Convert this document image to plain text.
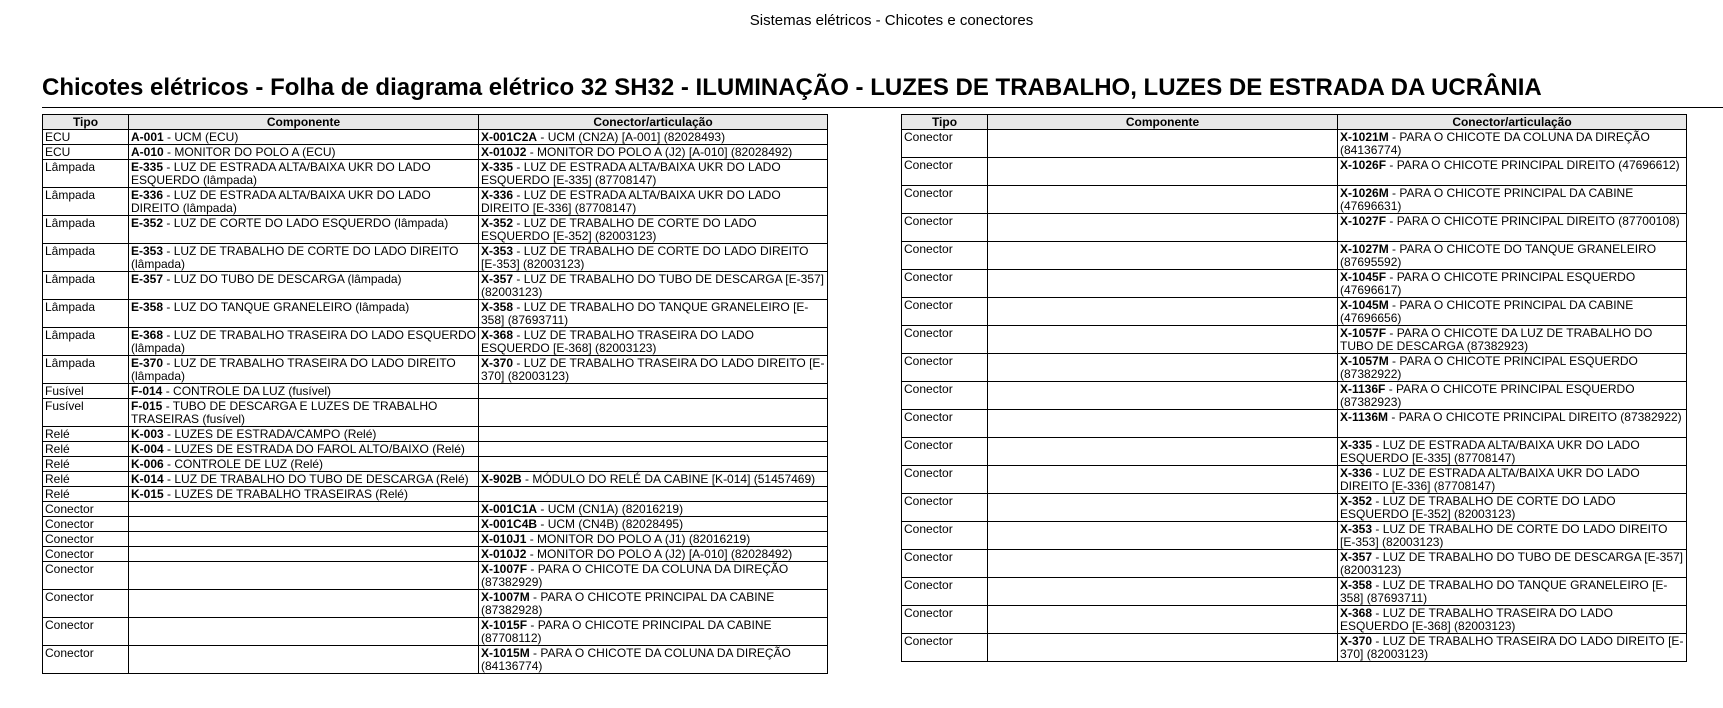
Sistemas elétricos - Chicotes e conectores
Chicotes elétricos - Folha de diagrama elétrico 32 SH32 - ILUMINAÇÃO - LUZES DE TRABALHO, LUZES DE ESTRADA DA UCRÂNIA
Tipo	Componente	Conector/articulação
ECU	A-001 - UCM (ECU)	X-001C2A - UCM (CN2A) [A-001] (82028493)
ECU	A-010 - MONITOR DO POLO A (ECU)	X-010J2 - MONITOR DO POLO A (J2) [A-010] (82028492)
Lâmpada	E-335 - LUZ DE ESTRADA ALTA/BAIXA UKR DO LADO ESQUERDO (lâmpada)	X-335 - LUZ DE ESTRADA ALTA/BAIXA UKR DO LADO ESQUERDO [E-335] (87708147)
Lâmpada	E-336 - LUZ DE ESTRADA ALTA/BAIXA UKR DO LADO DIREITO (lâmpada)	X-336 - LUZ DE ESTRADA ALTA/BAIXA UKR DO LADO DIREITO [E-336] (87708147)
Lâmpada	E-352 - LUZ DE CORTE DO LADO ESQUERDO (lâmpada)	X-352 - LUZ DE TRABALHO DE CORTE DO LADO ESQUERDO [E-352] (82003123)
Lâmpada	E-353 - LUZ DE TRABALHO DE CORTE DO LADO DIREITO (lâmpada)	X-353 - LUZ DE TRABALHO DE CORTE DO LADO DIREITO [E-353] (82003123)
Lâmpada	E-357 - LUZ DO TUBO DE DESCARGA (lâmpada)	X-357 - LUZ DE TRABALHO DO TUBO DE DESCARGA [E-357] (82003123)
Lâmpada	E-358 - LUZ DO TANQUE GRANELEIRO (lâmpada)	X-358 - LUZ DE TRABALHO DO TANQUE GRANELEIRO [E-358] (87693711)
Lâmpada	E-368 - LUZ DE TRABALHO TRASEIRA DO LADO ESQUERDO (lâmpada)	X-368 - LUZ DE TRABALHO TRASEIRA DO LADO ESQUERDO [E-368] (82003123)
Lâmpada	E-370 - LUZ DE TRABALHO TRASEIRA DO LADO DIREITO (lâmpada)	X-370 - LUZ DE TRABALHO TRASEIRA DO LADO DIREITO [E-370] (82003123)
Fusível	F-014 - CONTROLE DA LUZ (fusível)	
Fusível	F-015 - TUBO DE DESCARGA E LUZES DE TRABALHO TRASEIRAS (fusível)	
Relé	K-003 - LUZES DE ESTRADA/CAMPO (Relé)	
Relé	K-004 - LUZES DE ESTRADA DO FAROL ALTO/BAIXO (Relé)	
Relé	K-006 - CONTROLE DE LUZ (Relé)	
Relé	K-014 - LUZ DE TRABALHO DO TUBO DE DESCARGA (Relé)	X-902B - MÓDULO DO RELÉ DA CABINE [K-014] (51457469)
Relé	K-015 - LUZES DE TRABALHO TRASEIRAS (Relé)	
Conector		X-001C1A - UCM (CN1A) (82016219)
Conector		X-001C4B - UCM (CN4B) (82028495)
Conector		X-010J1 - MONITOR DO POLO A (J1) (82016219)
Conector		X-010J2 - MONITOR DO POLO A (J2) [A-010] (82028492)
Conector		X-1007F - PARA O CHICOTE DA COLUNA DA DIREÇÃO (87382929)
Conector		X-1007M - PARA O CHICOTE PRINCIPAL DA CABINE (87382928)
Conector		X-1015F - PARA O CHICOTE PRINCIPAL DA CABINE (87708112)
Conector		X-1015M - PARA O CHICOTE DA COLUNA DA DIREÇÃO (84136774)
Tipo	Componente	Conector/articulação
Conector		X-1021M - PARA O CHICOTE DA COLUNA DA DIREÇÃO (84136774)
Conector		X-1026F - PARA O CHICOTE PRINCIPAL DIREITO (47696612)
Conector		X-1026M - PARA O CHICOTE PRINCIPAL DA CABINE (47696631)
Conector		X-1027F - PARA O CHICOTE PRINCIPAL DIREITO (87700108)
Conector		X-1027M - PARA O CHICOTE DO TANQUE GRANELEIRO (87695592)
Conector		X-1045F - PARA O CHICOTE PRINCIPAL ESQUERDO (47696617)
Conector		X-1045M - PARA O CHICOTE PRINCIPAL DA CABINE (47696656)
Conector		X-1057F - PARA O CHICOTE DA LUZ DE TRABALHO DO TUBO DE DESCARGA (87382923)
Conector		X-1057M - PARA O CHICOTE PRINCIPAL ESQUERDO (87382922)
Conector		X-1136F - PARA O CHICOTE PRINCIPAL ESQUERDO (87382923)
Conector		X-1136M - PARA O CHICOTE PRINCIPAL DIREITO (87382922)
Conector		X-335 - LUZ DE ESTRADA ALTA/BAIXA UKR DO LADO ESQUERDO [E-335] (87708147)
Conector		X-336 - LUZ DE ESTRADA ALTA/BAIXA UKR DO LADO DIREITO [E-336] (87708147)
Conector		X-352 - LUZ DE TRABALHO DE CORTE DO LADO ESQUERDO [E-352] (82003123)
Conector		X-353 - LUZ DE TRABALHO DE CORTE DO LADO DIREITO [E-353] (82003123)
Conector		X-357 - LUZ DE TRABALHO DO TUBO DE DESCARGA [E-357] (82003123)
Conector		X-358 - LUZ DE TRABALHO DO TANQUE GRANELEIRO [E-358] (87693711)
Conector		X-368 - LUZ DE TRABALHO TRASEIRA DO LADO ESQUERDO [E-368] (82003123)
Conector		X-370 - LUZ DE TRABALHO TRASEIRA DO LADO DIREITO [E-370] (82003123)
